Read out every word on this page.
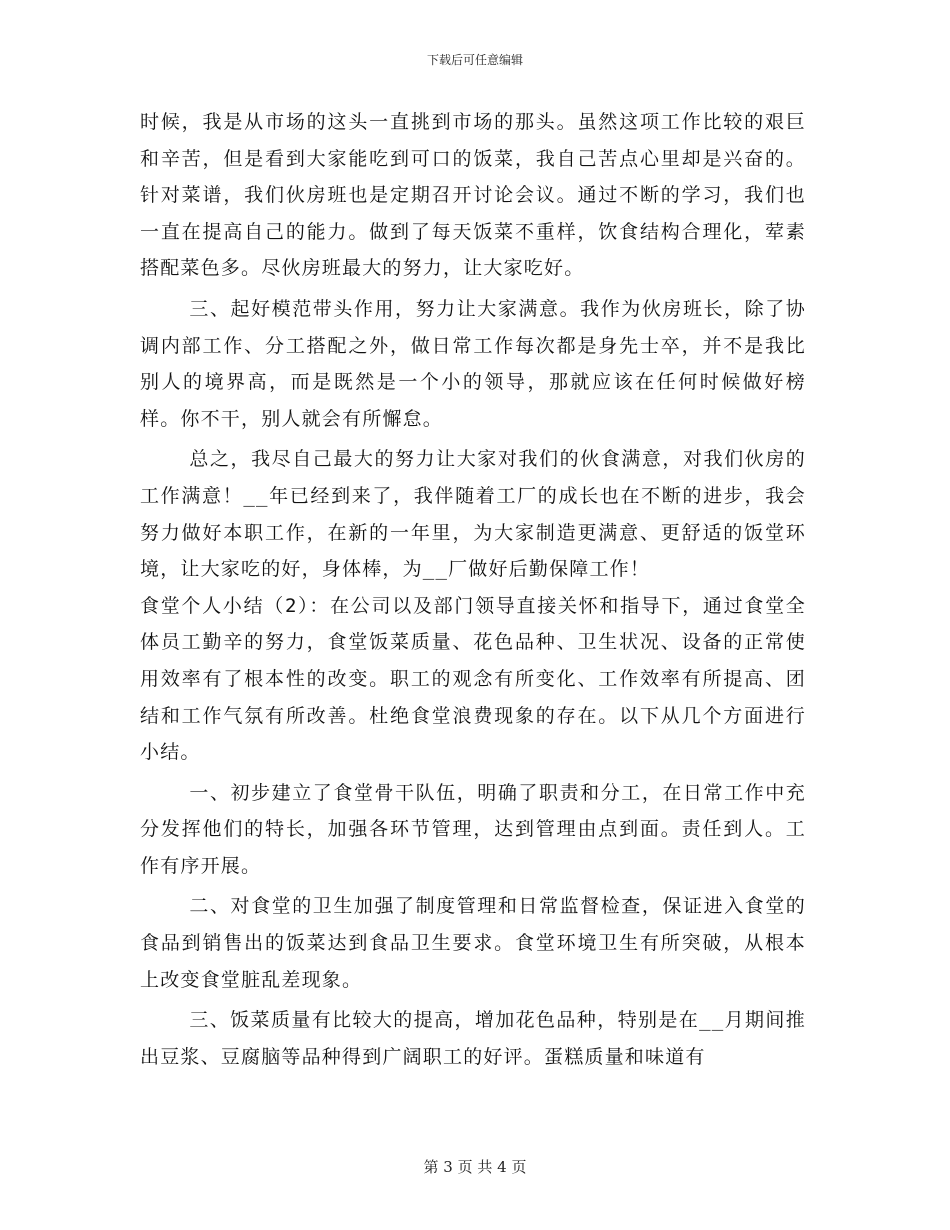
下载后可任意编辑

时候，我是从市场的这头一直挑到市场的那头。虽然这项工作比较的艰巨和辛苦，但是看到大家能吃到可口的饭菜，我自己苦点心里却是兴奋的。针对菜谱，我们伙房班也是定期召开讨论会议。通过不断的学习，我们也一直在提高自己的能力。做到了每天饭菜不重样，饮食结构合理化，荤素搭配菜色多。尽伙房班最大的努力，让大家吃好。

三、起好模范带头作用，努力让大家满意。我作为伙房班长，除了协调内部工作、分工搭配之外，做日常工作每次都是身先士卒，并不是我比别人的境界高，而是既然是一个小的领导，那就应该在任何时候做好榜样。你不干，别人就会有所懈怠。

总之，我尽自己最大的努力让大家对我们的伙食满意，对我们伙房的工作满意！__年已经到来了，我伴随着工厂的成长也在不断的进步，我会努力做好本职工作，在新的一年里，为大家制造更满意、更舒适的饭堂环境，让大家吃的好，身体棒，为__厂做好后勤保障工作！

食堂个人小结（2）：在公司以及部门领导直接关怀和指导下，通过食堂全体员工勤辛的努力，食堂饭菜质量、花色品种、卫生状况、设备的正常使用效率有了根本性的改变。职工的观念有所变化、工作效率有所提高、团结和工作气氛有所改善。杜绝食堂浪费现象的存在。以下从几个方面进行小结。

一、初步建立了食堂骨干队伍，明确了职责和分工，在日常工作中充分发挥他们的特长，加强各环节管理，达到管理由点到面。责任到人。工作有序开展。

二、对食堂的卫生加强了制度管理和日常监督检查，保证进入食堂的食品到销售出的饭菜达到食品卫生要求。食堂环境卫生有所突破，从根本上改变食堂脏乱差现象。

三、饭菜质量有比较大的提高，增加花色品种，特别是在__月期间推出豆浆、豆腐脑等品种得到广阔职工的好评。蛋糕质量和味道有

第 3 页 共 4 页
